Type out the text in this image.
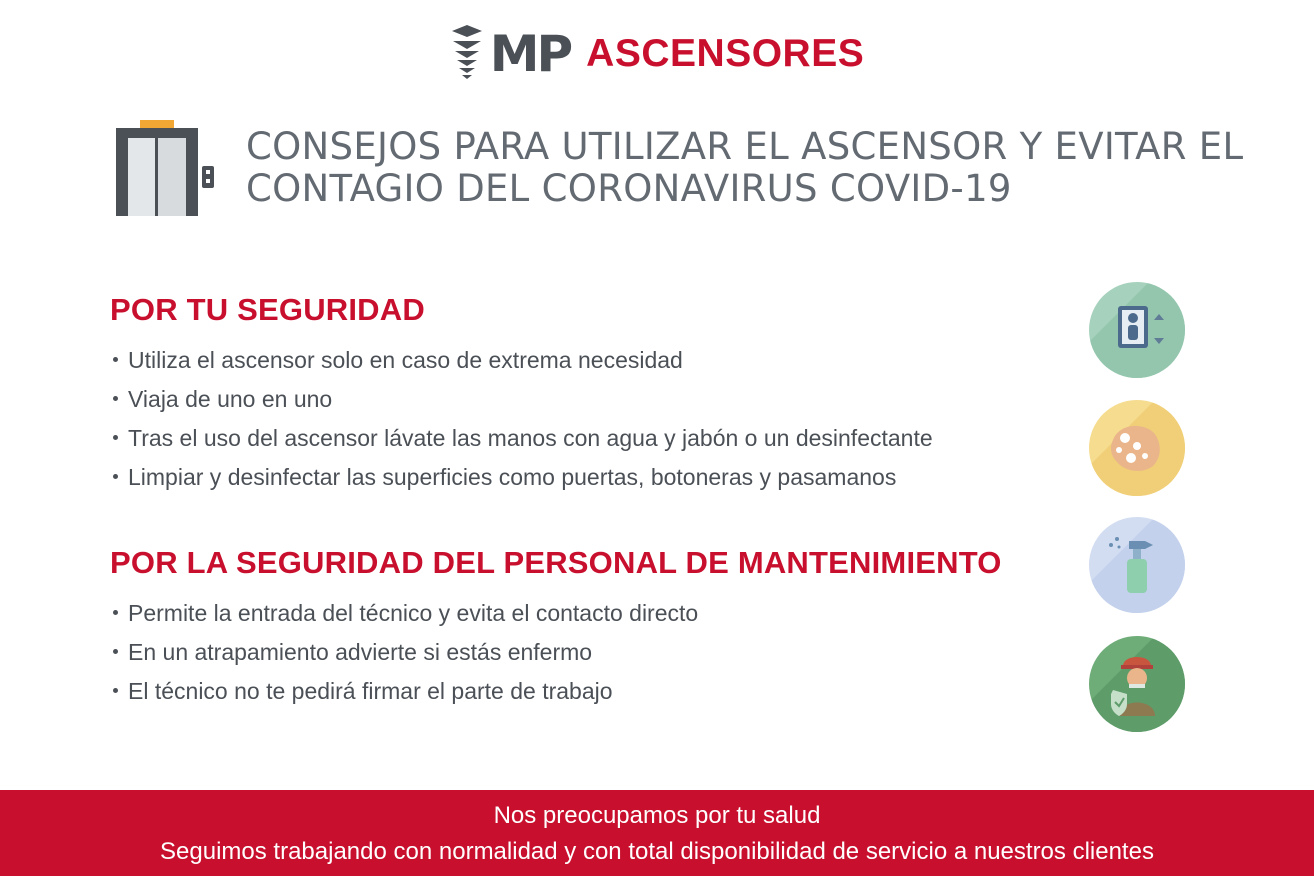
MP ASCENSORES
CONSEJOS PARA UTILIZAR EL ASCENSOR Y EVITAR EL
CONTAGIO DEL CORONAVIRUS COVID-19
POR TU SEGURIDAD
Utiliza el ascensor solo en caso de extrema necesidad
Viaja de uno en uno
Tras el uso del ascensor lávate las manos con agua y jabón o un desinfectante
Limpiar y desinfectar las superficies como puertas, botoneras y pasamanos
POR LA SEGURIDAD DEL PERSONAL DE MANTENIMIENTO
Permite la entrada del técnico y evita el contacto directo
En un atrapamiento advierte si estás enfermo
El técnico no te pedirá firmar el parte de trabajo
Nos preocupamos por tu salud
Seguimos trabajando con normalidad y con total disponibilidad de servicio a nuestros clientes
